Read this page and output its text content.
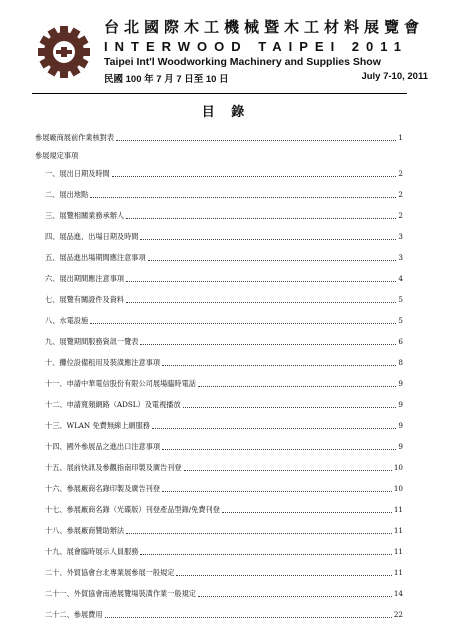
台北國際木工機械暨木工材料展覽會
INTERWOOD TAIPEI 2011
Taipei Int'l Woodworking Machinery and Supplies Show
民國 100 年 7 月 7 日至 10 日	July 7-10, 2011
目 錄
參展廠商展前作業核對表	1
參展規定事項
一、展出日期及時間	2
二、展出地點	2
三、展覽相關業務承辦人	2
四、展品進、出場日期及時間	3
五、展品進出場期間應注意事項	3
六、展出期間應注意事項	4
七、展覽有關證件及資料	5
八、水電設施	5
九、展覽期間服務資訊一覽表	6
十、攤位設備租用及裝潢應注意事項	8
十一、申請中華電信股份有限公司展場臨時電話	9
十二、申請寬頻網路（ADSL）及電視播放	9
十三、WLAN 免費無線上網服務	9
十四、國外參展品之進出口注意事項	9
十五、展前快訊及參觀指南印製及廣告刊登	10
十六、參展廠商名錄印製及廣告刊登	10
十七、參展廠商名錄（光碟版）刊登產品型錄/免費刊登	11
十八、參展廠商贊助辦法	11
十九、展會臨時展示人員服務	11
二十、外貿協會台北專業展參展一般規定	11
二十一、外貿協會南港展覽場裝潢作業一般規定	14
二十二、參展費用	22
